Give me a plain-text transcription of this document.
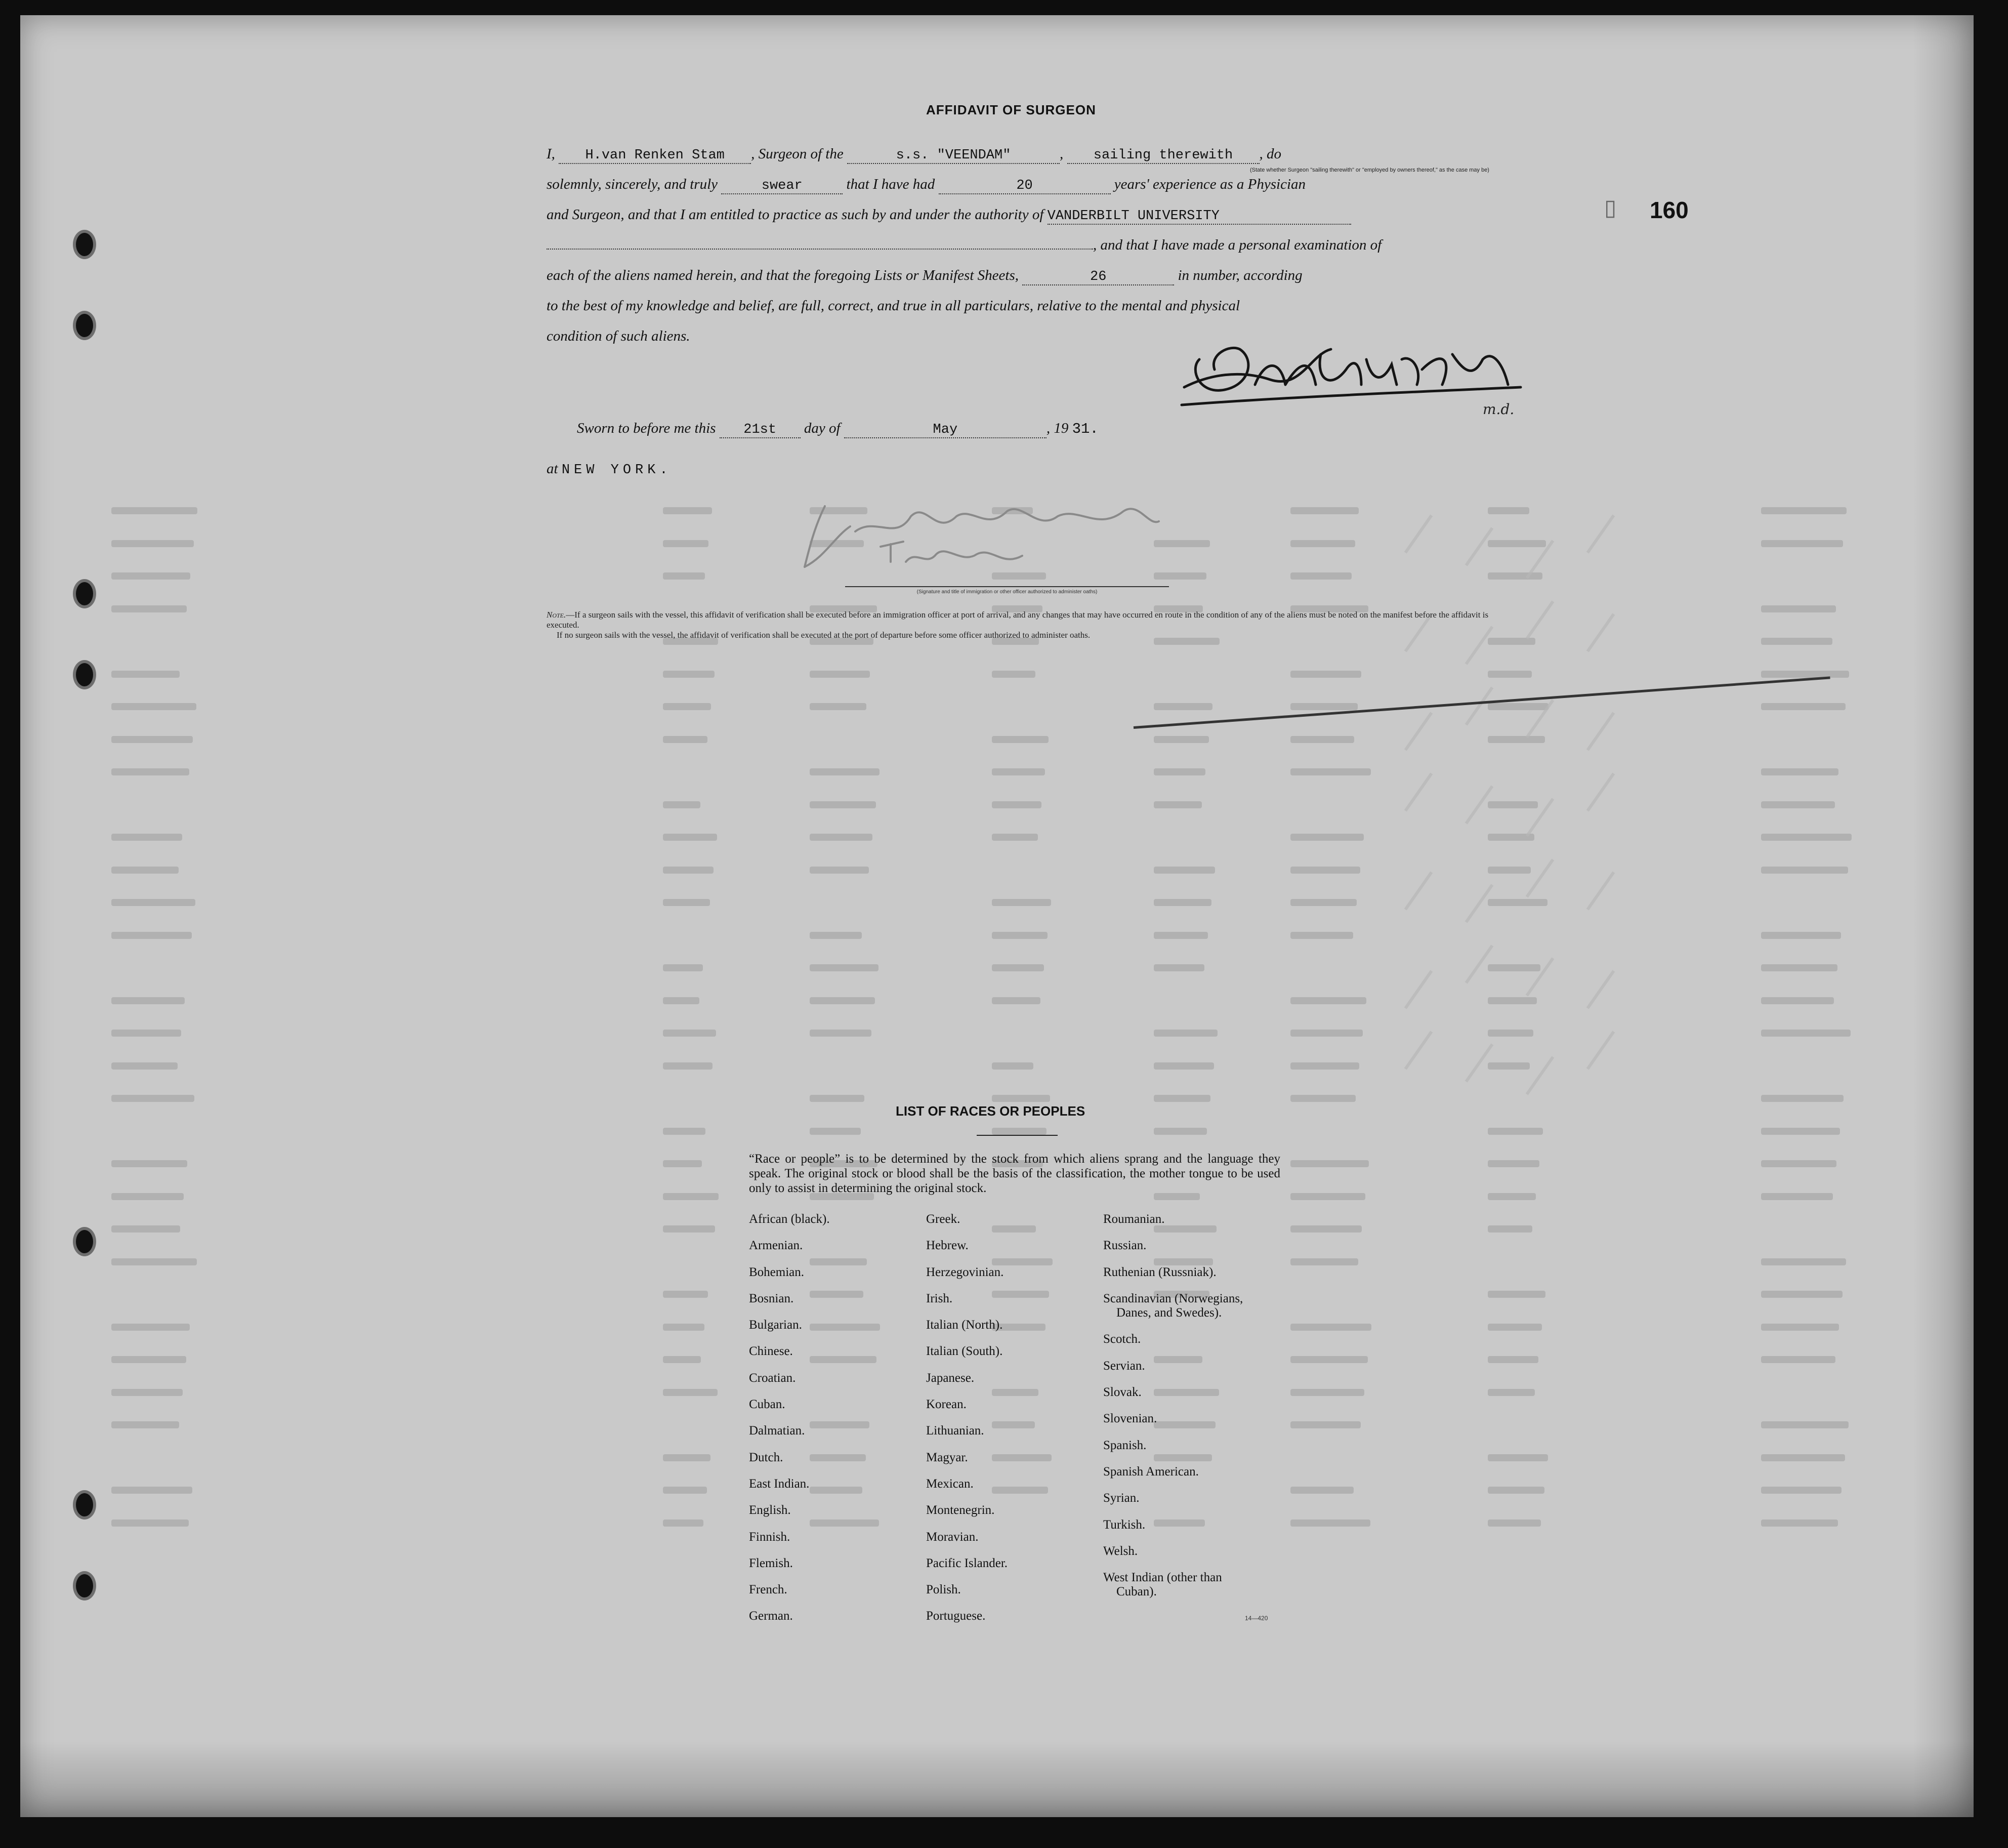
AFFIDAVIT OF SURGEON
▯ 160
I, H.van Renken Stam , Surgeon of the	s.s. "VEENDAM"	, sailing therewith , do
(State whether Surgeon "sailing therewith" or "employed by owners thereof," as the case may be)
solemnly, sincerely, and truly	swear	that I have had	20	years' experience as a Physician
and Surgeon, and that I am entitled to practice as such by and under the authority of VANDERBILT UNIVERSITY
, and that I have made a personal examination of
each of the aliens named herein, and that the foregoing Lists or Manifest Sheets,	26	in number, according
to the best of my knowledge and belief, are full, correct, and true in all particulars, relative to the mental and physical
condition of such aliens.
m.d.
Sworn to before me this 21st day of	May	, 19 31.
at NEW YORK.
(Signature and title of immigration or other officer authorized to administer oaths)
Note.—If a surgeon sails with the vessel, this affidavit of verification shall be executed before an immigration officer at port of arrival, and any changes that may have occurred en route in the condition of any of the aliens must be noted on the manifest before the affidavit is executed.
If no surgeon sails with the vessel, the affidavit of verification shall be executed at the port of departure before some officer authorized to administer oaths.
LIST OF RACES OR PEOPLES
“Race or people” is to be determined by the stock from which aliens sprang and the language they speak. The original stock or blood shall be the basis of the classification, the mother tongue to be used only to assist in determining the original stock.
African (black).
Armenian.
Bohemian.
Bosnian.
Bulgarian.
Chinese.
Croatian.
Cuban.
Dalmatian.
Dutch.
East Indian.
English.
Finnish.
Flemish.
French.
German.
Greek.
Hebrew.
Herzegovinian.
Irish.
Italian (North).
Italian (South).
Japanese.
Korean.
Lithuanian.
Magyar.
Mexican.
Montenegrin.
Moravian.
Pacific Islander.
Polish.
Portuguese.
Roumanian.
Russian.
Ruthenian (Russniak).
Scandinavian (Norwegians,
Danes, and Swedes).
Scotch.
Servian.
Slovak.
Slovenian.
Spanish.
Spanish American.
Syrian.
Turkish.
Welsh.
West Indian (other than
Cuban).
14—420
